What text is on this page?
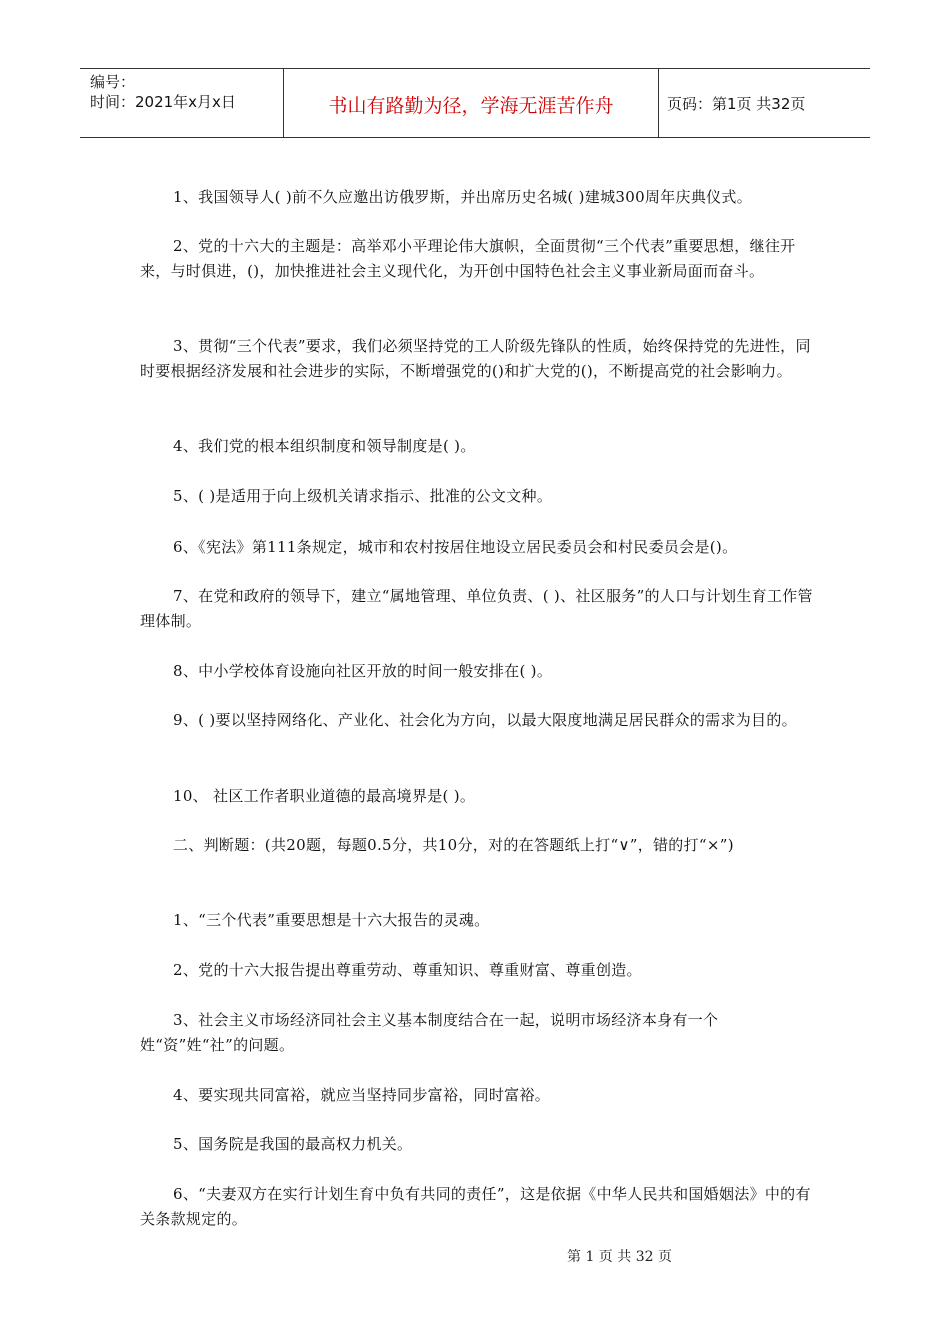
编号：
时间：2021年x月x日	书山有路勤为径，学海无涯苦作舟	页码：第1页 共32页

1、我国领导人( )前不久应邀出访俄罗斯，并出席历史名城( )建城300周年庆典仪式。

2、党的十六大的主题是：高举邓小平理论伟大旗帜，全面贯彻“三个代表”重要思想，继往开来，与时俱进，()，加快推进社会主义现代化，为开创中国特色社会主义事业新局面而奋斗。

3、贯彻“三个代表”要求，我们必须坚持党的工人阶级先锋队的性质，始终保持党的先进性，同时要根据经济发展和社会进步的实际，不断增强党的()和扩大党的()，不断提高党的社会影响力。

4、我们党的根本组织制度和领导制度是( )。

5、( )是适用于向上级机关请求指示、批准的公文文种。

6、《宪法》第111条规定，城市和农村按居住地设立居民委员会和村民委员会是()。

7、在党和政府的领导下，建立“属地管理、单位负责、( )、社区服务”的人口与计划生育工作管理体制。

8、中小学校体育设施向社区开放的时间一般安排在( )。

9、( )要以坚持网络化、产业化、社会化为方向，以最大限度地满足居民群众的需求为目的。

10、 社区工作者职业道德的最高境界是( )。

二、判断题：(共20题，每题0.5分，共10分，对的在答题纸上打“∨”，错的打“×”)

1、“三个代表”重要思想是十六大报告的灵魂。

2、党的十六大报告提出尊重劳动、尊重知识、尊重财富、尊重创造。

3、社会主义市场经济同社会主义基本制度结合在一起，说明市场经济本身有一个姓“资”姓“社”的问题。

4、要实现共同富裕，就应当坚持同步富裕，同时富裕。

5、国务院是我国的最高权力机关。

6、“夫妻双方在实行计划生育中负有共同的责任”，这是依据《中华人民共和国婚姻法》中的有关条款规定的。

第 1 页 共 32 页
